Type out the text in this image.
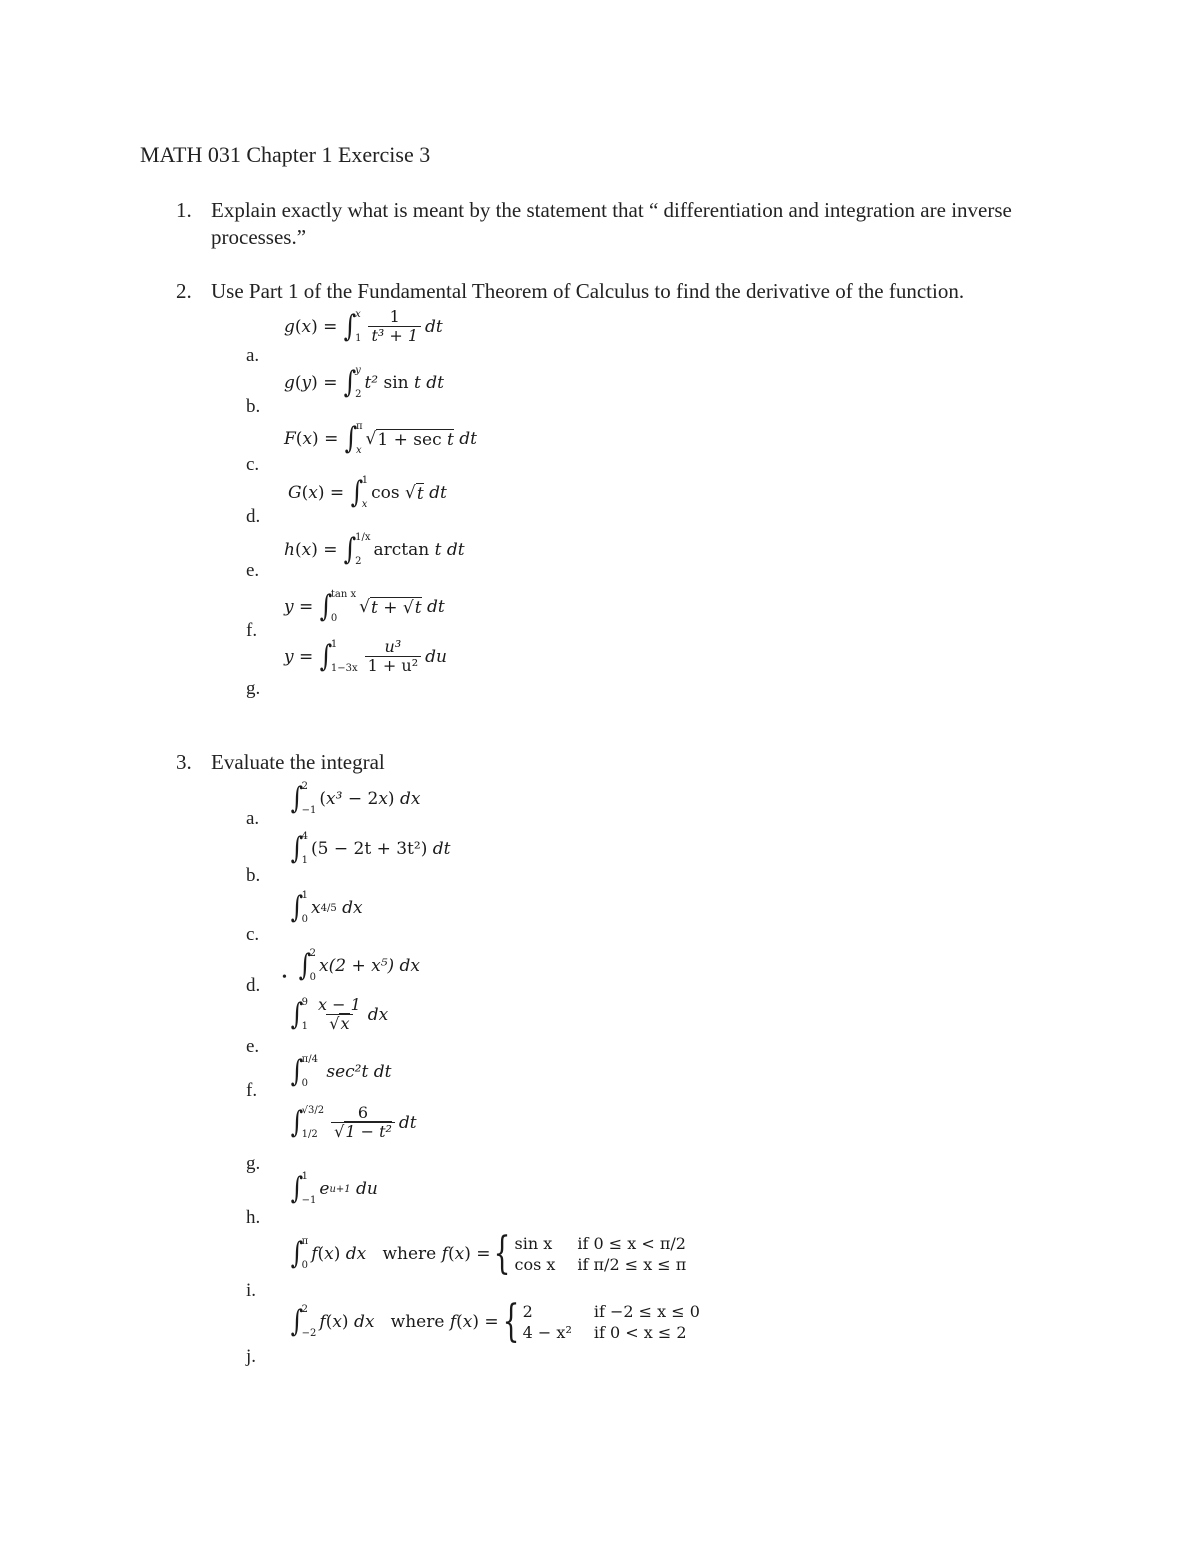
MATH 031 Chapter 1 Exercise 3
1. Explain exactly what is meant by the statement that “ differentiation and integration are inverse processes.”
2. Use Part 1 of the Fundamental Theorem of Calculus to find the derivative of the function.
a.
g ( x )
= ∫
x
$1 \frac{1}{\text{t³ + 1}}$ dt
b.
g ( y )
= ∫
y
2
t²
sin
t
dt
c.
F ( x )
= ∫
π
x
√ 1 + sec t
dt
d.
G ( x )
= ∫
1
x
cos √ t
dt
e.
h ( x )
= ∫
1/x
2
arctan
t
dt
f.
y
= ∫
tan x
0
√ t + √t
dt
g.
y
= ∫
1
$1-3x \frac{\text{u³}}{\text{1 + u²}}$ du
3. Evaluate the integral
a.
∫
2
−1
( x³
−
2 x )
dx
b.
∫
4
1
( 5 − 2t + 3t² )
dt
c.
∫
1
0
x 4/5
dx
d. • ∫
2
0
x(2 + x⁵)
dx
e.
∫
9
$1 \frac{x - 1}{√x}$ dx
f.
∫
π/4
0

sec²t
dt
g.
∫
√3/2
$1/2 \frac{6}{\text{√1 − t²}}$ dt
h.
∫
1
−1
e u+1
du
i.
∫
π
0
f ( x )
dx
where
f ( x )
= { sin x if 0 ≤ x < π/2
cos x if π/2 ≤ x ≤ π
j.
∫
2
−2
f ( x )
dx
where
f ( x )
= { 2	if −2 ≤ x ≤ 0
4 − x² if 0 < x ≤ 2
